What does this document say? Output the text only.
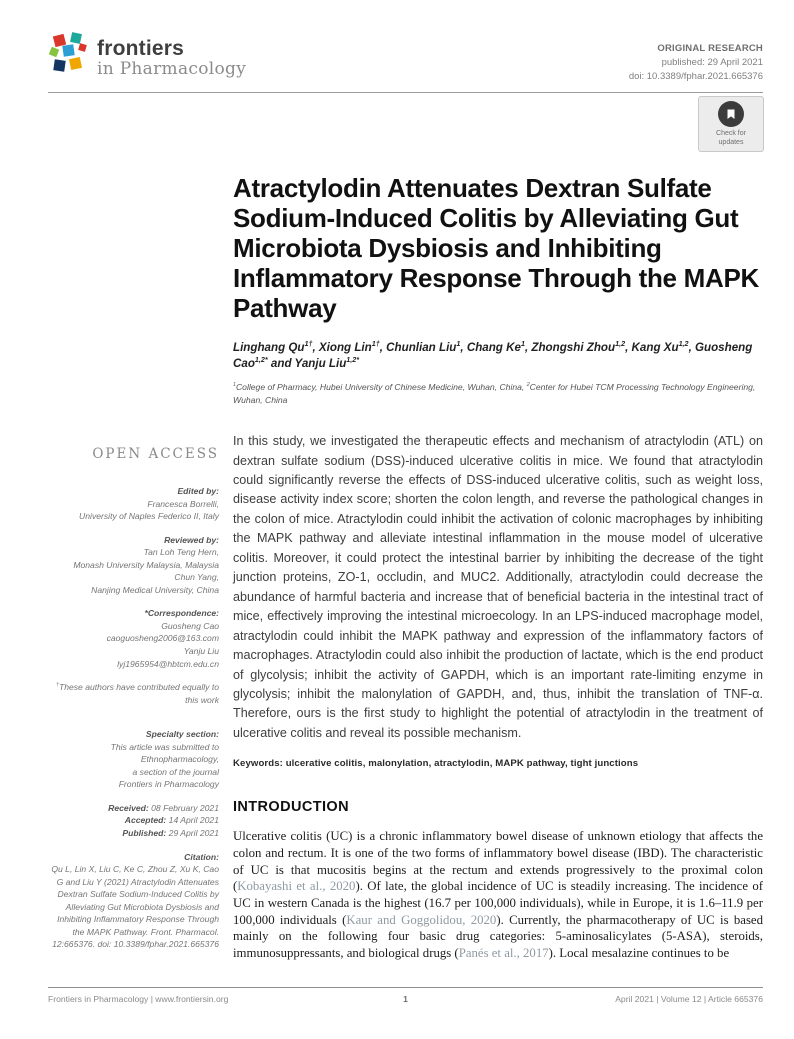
frontiers
in Pharmacology
ORIGINAL RESEARCH
published: 29 April 2021
doi: 10.3389/fphar.2021.665376
Check for updates
OPEN ACCESS
Edited by:
Francesca Borrelli,
University of Naples Federico II, Italy
Reviewed by:
Tan Loh Teng Hern,
Monash University Malaysia, Malaysia
Chun Yang,
Nanjing Medical University, China
*Correspondence:
Guosheng Cao
caoguosheng2006@163.com
Yanju Liu
lyj1965954@hbtcm.edu.cn
†These authors have contributed equally to this work
Specialty section:
This article was submitted to
Ethnopharmacology,
a section of the journal
Frontiers in Pharmacology
Received: 08 February 2021
Accepted: 14 April 2021
Published: 29 April 2021
Citation:
Qu L, Lin X, Liu C, Ke C, Zhou Z, Xu K, Cao G and Liu Y (2021) Atractylodin Attenuates Dextran Sulfate Sodium-Induced Colitis by Alleviating Gut Microbiota Dysbiosis and Inhibiting Inflammatory Response Through the MAPK Pathway. Front. Pharmacol. 12:665376. doi: 10.3389/fphar.2021.665376
Atractylodin Attenuates Dextran Sulfate Sodium-Induced Colitis by Alleviating Gut Microbiota Dysbiosis and Inhibiting Inflammatory Response Through the MAPK Pathway
Linghang $Qu^{1\dagger}$, Xiong Lin$^{1\dagger}$, Chunlian Liu$^1$, Chang Ke$^1$, Zhongshi Zhou$^{1,2}$, Kang Xu$^{1,2}$, Guosheng Cao$^{1,2*}$ and Yanju Liu$^{1,2*}$
$^1$College of Pharmacy, Hubei University of Chinese Medicine, Wuhan, China, $^2$Center for Hubei TCM Processing Technology Engineering, Wuhan, China

In this study, we investigated the therapeutic effects and mechanism of atractylodin (ATL) on dextran sulfate sodium (DSS)-induced ulcerative colitis in mice. We found that atractylodin could significantly reverse the effects of DSS-induced ulcerative colitis, such as weight loss, disease activity index score; shorten the colon length, and reverse the pathological changes in the colon of mice. Atractylodin could inhibit the activation of colonic macrophages by inhibiting the MAPK pathway and alleviate intestinal inflammation in the mouse model of ulcerative colitis. Moreover, it could protect the intestinal barrier by inhibiting the decrease of the tight junction proteins, ZO-1, occludin, and MUC2. Additionally, atractylodin could decrease the abundance of harmful bacteria and increase that of beneficial bacteria in the intestinal tract of mice, effectively improving the intestinal microecology. In an LPS-induced macrophage model, atractylodin could inhibit the MAPK pathway and expression of the inflammatory factors of macrophages. Atractylodin could also inhibit the production of lactate, which is the end product of glycolysis; inhibit the activity of GAPDH, which is an important rate-limiting enzyme in glycolysis; inhibit the malonylation of GAPDH, and, thus, inhibit the translation of TNF-α. Therefore, ours is the first study to highlight the potential of atractylodin in the treatment of ulcerative colitis and reveal its possible mechanism.

Keywords: ulcerative colitis, malonylation, atractylodin, MAPK pathway, tight junctions
INTRODUCTION

Ulcerative colitis (UC) is a chronic inflammatory bowel disease of unknown etiology that affects the colon and rectum. It is one of the two forms of inflammatory bowel disease (IBD). The characteristic of UC is that mucositis begins at the rectum and extends progressively to the proximal colon (Kobayashi et al., 2020). Of late, the global incidence of UC is steadily increasing. The incidence of UC in western Canada is the highest (16.7 per 100,000 individuals), while in Europe, it is 1.6–11.9 per 100,000 individuals (Kaur and Goggolidou, 2020). Currently, the pharmacotherapy of UC is based mainly on the following four basic drug categories: 5-aminosalicylates (5-ASA), steroids, immunosuppressants, and biological drugs (Panés et al., 2017). Local mesalazine continues to be

Frontiers in Pharmacology | www.frontiersin.org	1	April 2021 | Volume 12 | Article 665376
